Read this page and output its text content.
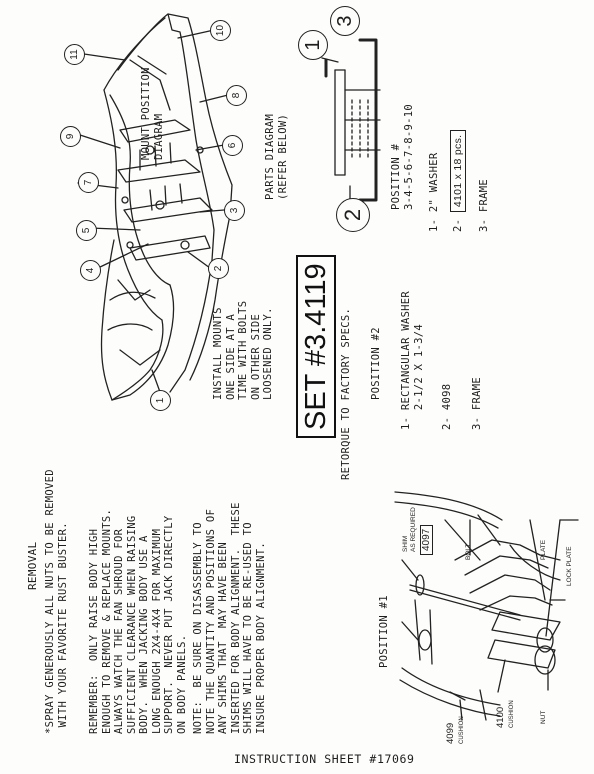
SET #3.4119
REMOVAL
*SPRAY GENEROUSLY ALL NUTS TO BE REMOVED
WITH YOUR FAVORITE RUST BUSTER.
REMEMBER:  ONLY RAISE BODY HIGH
ENOUGH TO REMOVE & REPLACE MOUNTS.
ALWAYS WATCH THE FAN SHROUD FOR
SUFFICIENT CLEARANCE WHEN RAISING
BODY.  WHEN JACKING BODY USE A
LONG ENOUGH 2X4-4X4 FOR MAXIMUM
SUPPORT.  NEVER PUT JACK DIRECTLY
ON BODY PANELS.
NOTE:  BE SURE ON DISASSEMBLY TO
NOTE THE QUANTITY AND POSITIONS OF
ANY SHIMS THAT  MAY HAVE BEEN
INSERTED FOR BODY ALIGNMENT.  THESE
SHIMS WILL HAVE TO BE RE-USED TO
INSURE PROPER BODY ALIGNMENT.
INSTALL MOUNTS
ONE SIDE AT A
TIME WITH BOLTS
ON OTHER SIDE
LOOSENED ONLY.	RETORQUE TO FACTORY SPECS. POSITION #2
1- RECTANGULAR WASHER
2-1/2 X 1-3/4
2- 4098 3- FRAME
PARTS DIAGRAM
(REFER BELOW)
POSITION #
3-4-5-6-7-8-9-10
1- 2" WASHER
2- 4101 x 18 pcs.
3- FRAME
1
3
2
MOUNT POSITION
DIAGRAM
11
10
8
9
6
7
3
5
2
4
1
POSITION #1
BOLT
SHIM
AS REQUIRED 4097	PLATE	LOCK PLATE
4099 CUSHION	4100 CUSHION	NUT
INSTRUCTION SHEET #17069
